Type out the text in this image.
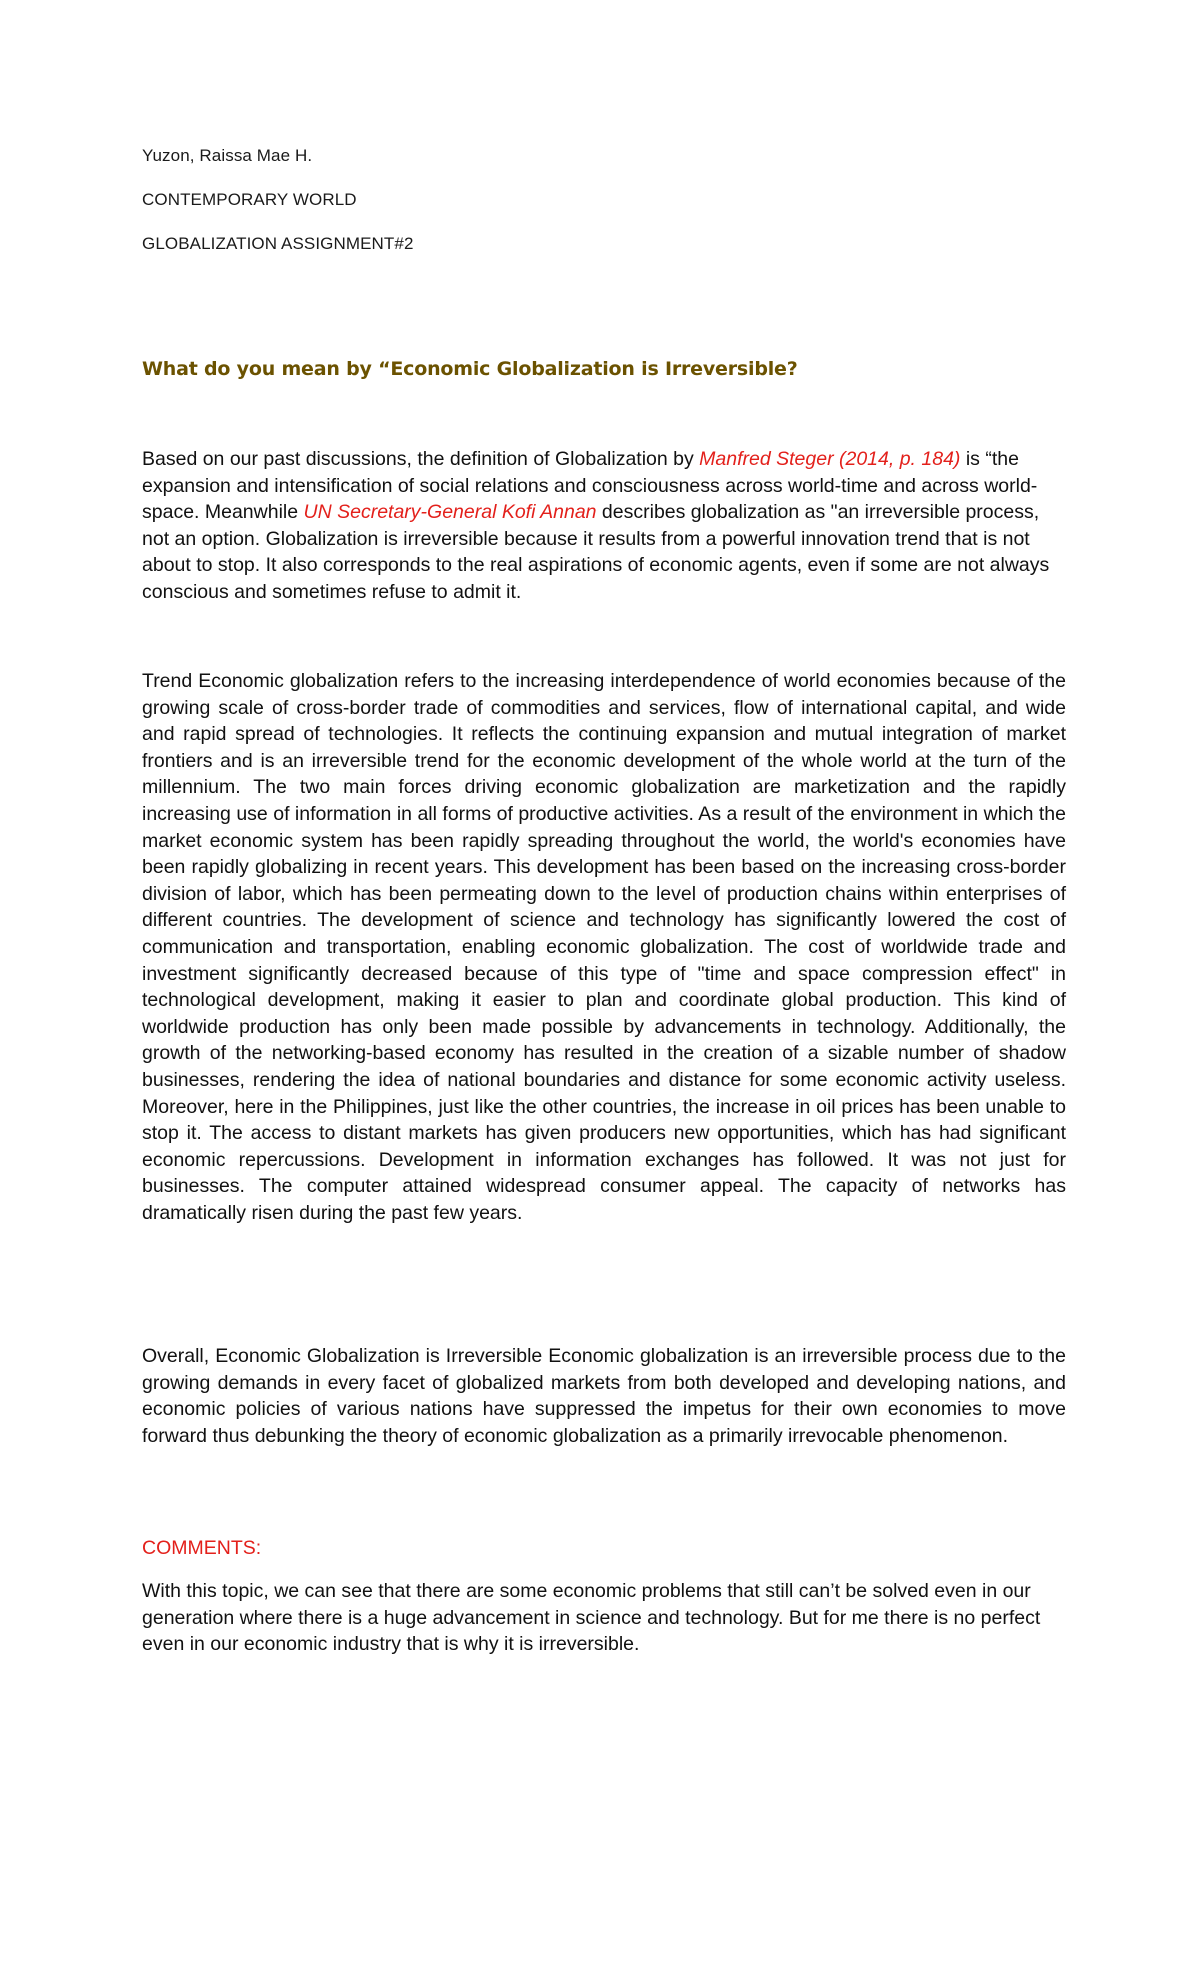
Yuzon, Raissa Mae H.
CONTEMPORARY WORLD
GLOBALIZATION ASSIGNMENT#2
What do you mean by “Economic Globalization is Irreversible?

Based on our past discussions, the definition of Globalization by Manfred Steger (2014, p. 184) is “the expansion and intensification of social relations and consciousness across world-time and across world-space. Meanwhile UN Secretary-General Kofi Annan describes globalization as "an irreversible process, not an option. Globalization is irreversible because it results from a powerful innovation trend that is not about to stop. It also corresponds to the real aspirations of economic agents, even if some are not always conscious and sometimes refuse to admit it.

Trend Economic globalization refers to the increasing interdependence of world economies because of the growing scale of cross-border trade of commodities and services, flow of international capital, and wide and rapid spread of technologies. It reflects the continuing expansion and mutual integration of market frontiers and is an irreversible trend for the economic development of the whole world at the turn of the millennium. The two main forces driving economic globalization are marketization and the rapidly increasing use of information in all forms of productive activities. As a result of the environment in which the market economic system has been rapidly spreading throughout the world, the world's economies have been rapidly globalizing in recent years. This development has been based on the increasing cross-border division of labor, which has been permeating down to the level of production chains within enterprises of different countries. The development of science and technology has significantly lowered the cost of communication and transportation, enabling economic globalization. The cost of worldwide trade and investment significantly decreased because of this type of "time and space compression effect" in technological development, making it easier to plan and coordinate global production. This kind of worldwide production has only been made possible by advancements in technology. Additionally, the growth of the networking-based economy has resulted in the creation of a sizable number of shadow businesses, rendering the idea of national boundaries and distance for some economic activity useless. Moreover, here in the Philippines, just like the other countries, the increase in oil prices has been unable to stop it. The access to distant markets has given producers new opportunities, which has had significant economic repercussions. Development in information exchanges has followed. It was not just for businesses. The computer attained widespread consumer appeal. The capacity of networks has dramatically risen during the past few years.

Overall, Economic Globalization is Irreversible Economic globalization is an irreversible process due to the growing demands in every facet of globalized markets from both developed and developing nations, and economic policies of various nations have suppressed the impetus for their own economies to move forward thus debunking the theory of economic globalization as a primarily irrevocable phenomenon.

COMMENTS:

With this topic, we can see that there are some economic problems that still can’t be solved even in our generation where there is a huge advancement in science and technology. But for me there is no perfect even in our economic industry that is why it is irreversible.
